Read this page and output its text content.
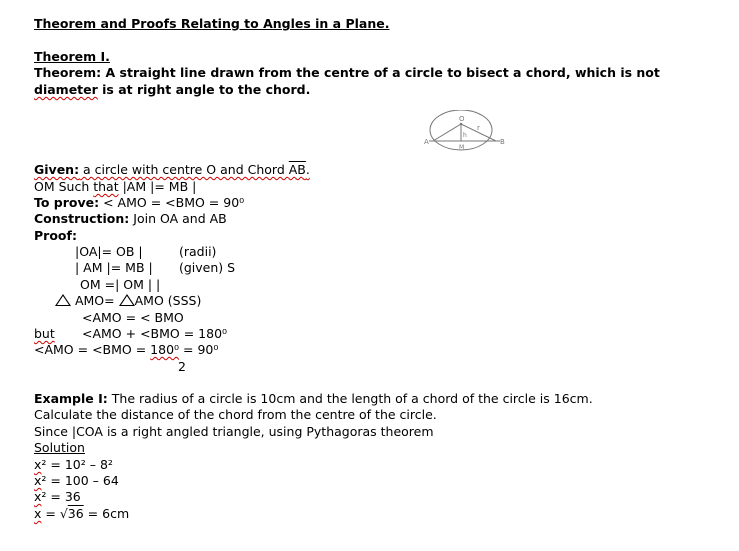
Theorem and Proofs Relating to Angles in a Plane.
Theorem I.
Theorem: A straight line drawn from the centre of a circle to bisect a chord, which is not
diameter is at right angle to the chord.
A	B
O
r
h
M
Given: a circle with centre O and Chord AB.
OM Such that |AM |= MB |
To prove: < AMO = <BMO = 90⁰
Construction: Join OA and AB
Proof:
|OA|= OB |	(radii)
| AM |= MB | (given) S
OM =| OM | |
AMO= AMO (SSS)
<AMO = < BMO
but <AMO + <BMO = 180⁰
<AMO = <BMO = 180⁰ = 90⁰
2
Example I: The radius of a circle is 10cm and the length of a chord of the circle is 16cm.
Calculate the distance of the chord from the centre of the circle.
Since |COA is a right angled triangle, using Pythagoras theorem
Solution
x² = 10² – 8²
x² = 100 – 64
x² = 36
x = √36 = 6cm
